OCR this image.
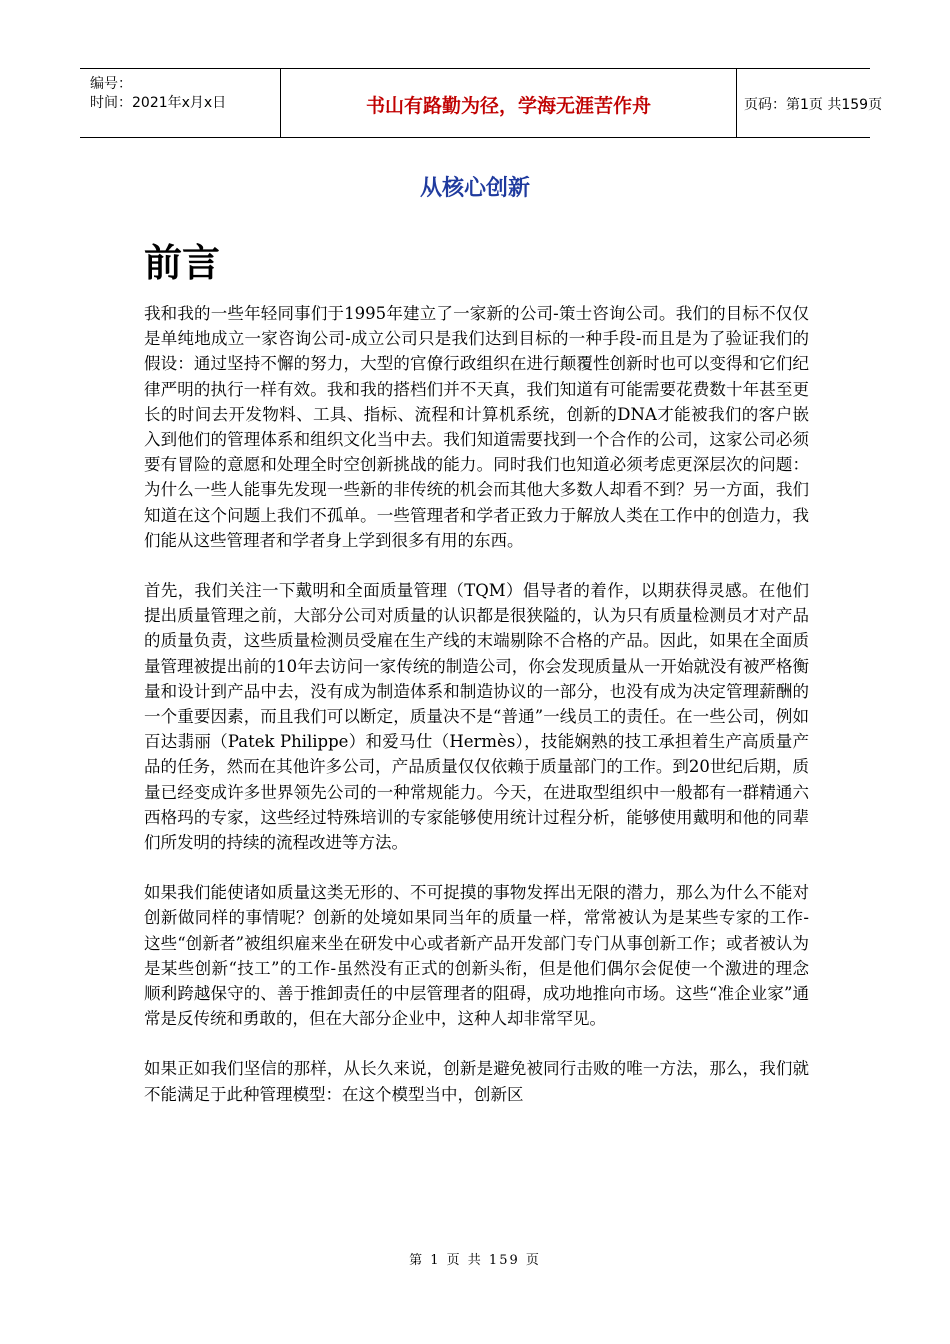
编号：
时间：2021年x月x日	书山有路勤为径，学海无涯苦作舟	页码：第1页 共159页
从核心创新
前言

我和我的一些年轻同事们于1995年建立了一家新的公司-策士咨询公司。我们的目标不仅仅是单纯地成立一家咨询公司-成立公司只是我们达到目标的一种手段-而且是为了验证我们的假设：通过坚持不懈的努力，大型的官僚行政组织在进行颠覆性创新时也可以变得和它们纪律严明的执行一样有效。我和我的搭档们并不天真，我们知道有可能需要花费数十年甚至更长的时间去开发物料、工具、指标、流程和计算机系统，创新的DNA才能被我们的客户嵌入到他们的管理体系和组织文化当中去。我们知道需要找到一个合作的公司，这家公司必须要有冒险的意愿和处理全时空创新挑战的能力。同时我们也知道必须考虑更深层次的问题：为什么一些人能事先发现一些新的非传统的机会而其他大多数人却看不到？另一方面，我们知道在这个问题上我们不孤单。一些管理者和学者正致力于解放人类在工作中的创造力，我们能从这些管理者和学者身上学到很多有用的东西。

首先，我们关注一下戴明和全面质量管理（TQM）倡导者的着作，以期获得灵感。在他们提出质量管理之前，大部分公司对质量的认识都是很狭隘的，认为只有质量检测员才对产品的质量负责，这些质量检测员受雇在生产线的末端剔除不合格的产品。因此，如果在全面质量管理被提出前的10年去访问一家传统的制造公司，你会发现质量从一开始就没有被严格衡量和设计到产品中去，没有成为制造体系和制造协议的一部分，也没有成为决定管理薪酬的一个重要因素，而且我们可以断定，质量决不是“普通”一线员工的责任。在一些公司，例如百达翡丽（Patek Philippe）和爱马仕（Hermès），技能娴熟的技工承担着生产高质量产品的任务，然而在其他许多公司，产品质量仅仅依赖于质量部门的工作。到20世纪后期，质量已经变成许多世界领先公司的一种常规能力。今天，在进取型组织中一般都有一群精通六西格玛的专家，这些经过特殊培训的专家能够使用统计过程分析，能够使用戴明和他的同辈们所发明的持续的流程改进等方法。

如果我们能使诸如质量这类无形的、不可捉摸的事物发挥出无限的潜力，那么为什么不能对创新做同样的事情呢？创新的处境如果同当年的质量一样，常常被认为是某些专家的工作-这些“创新者”被组织雇来坐在研发中心或者新产品开发部门专门从事创新工作；或者被认为是某些创新“技工”的工作-虽然没有正式的创新头衔，但是他们偶尔会促使一个激进的理念顺利跨越保守的、善于推卸责任的中层管理者的阻碍，成功地推向市场。这些“准企业家”通常是反传统和勇敢的，但在大部分企业中，这种人却非常罕见。

如果正如我们坚信的那样，从长久来说，创新是避免被同行击败的唯一方法，那么，我们就不能满足于此种管理模型：在这个模型当中，创新区

第 1 页 共 159 页
